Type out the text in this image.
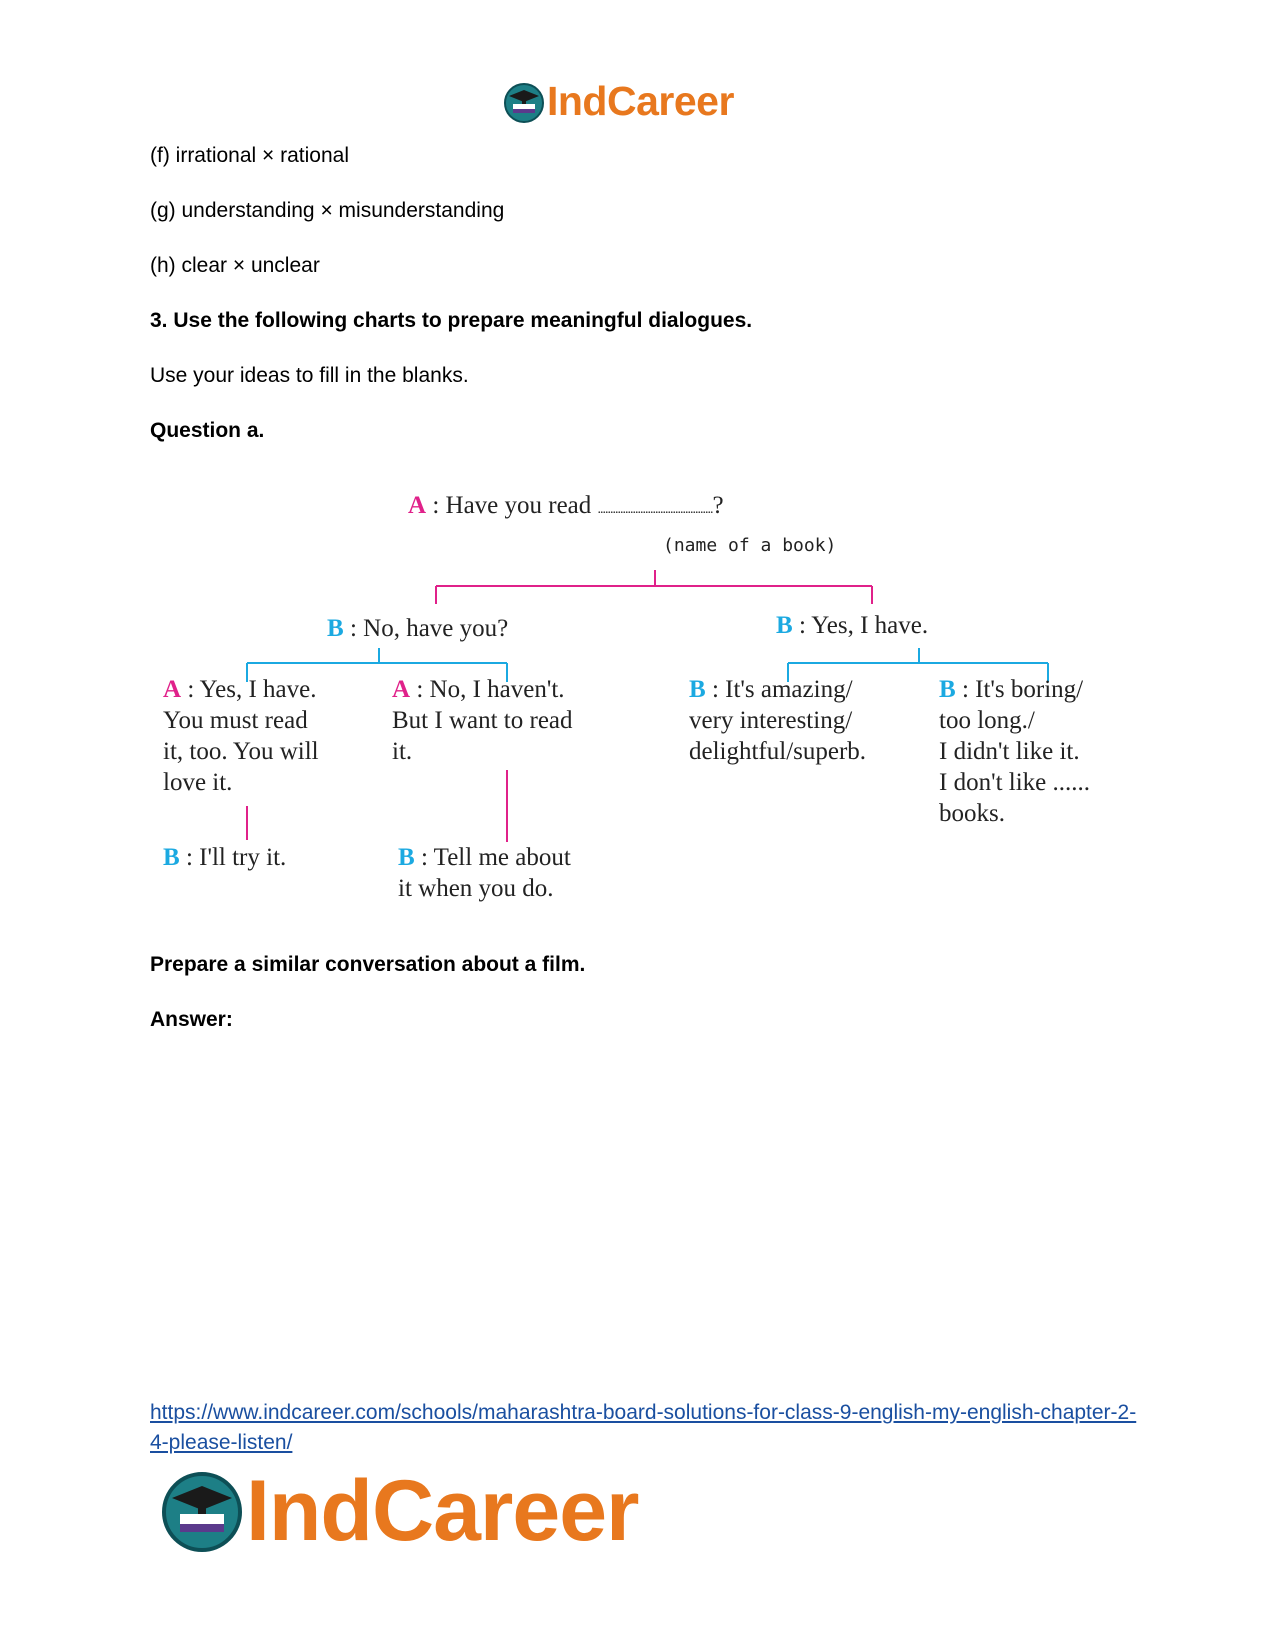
IndCareer
(f) irrational × rational
(g) understanding × misunderstanding
(h) clear × unclear
3. Use the following charts to prepare meaningful dialogues.
Use your ideas to fill in the blanks.
Question a.
A : Have you read ..............................................?
(name of a book)
B : No, have you?	B : Yes, I have.
A : Yes, I have.
You must read
it, too. You will
love it.
A : No, I haven't.
But I want to read
it.
B : It's amazing/
very interesting/
delightful/superb.
B : It's boring/
too long./
I didn't like it.
I don't like ......
books.
B : I'll try it.	B : Tell me about
it when you do.
Prepare a similar conversation about a film.
Answer:
https://www.indcareer.com/schools/maharashtra-board-solutions-for-class-9-english-my-english-chapter-2-4-please-listen/
IndCareer
